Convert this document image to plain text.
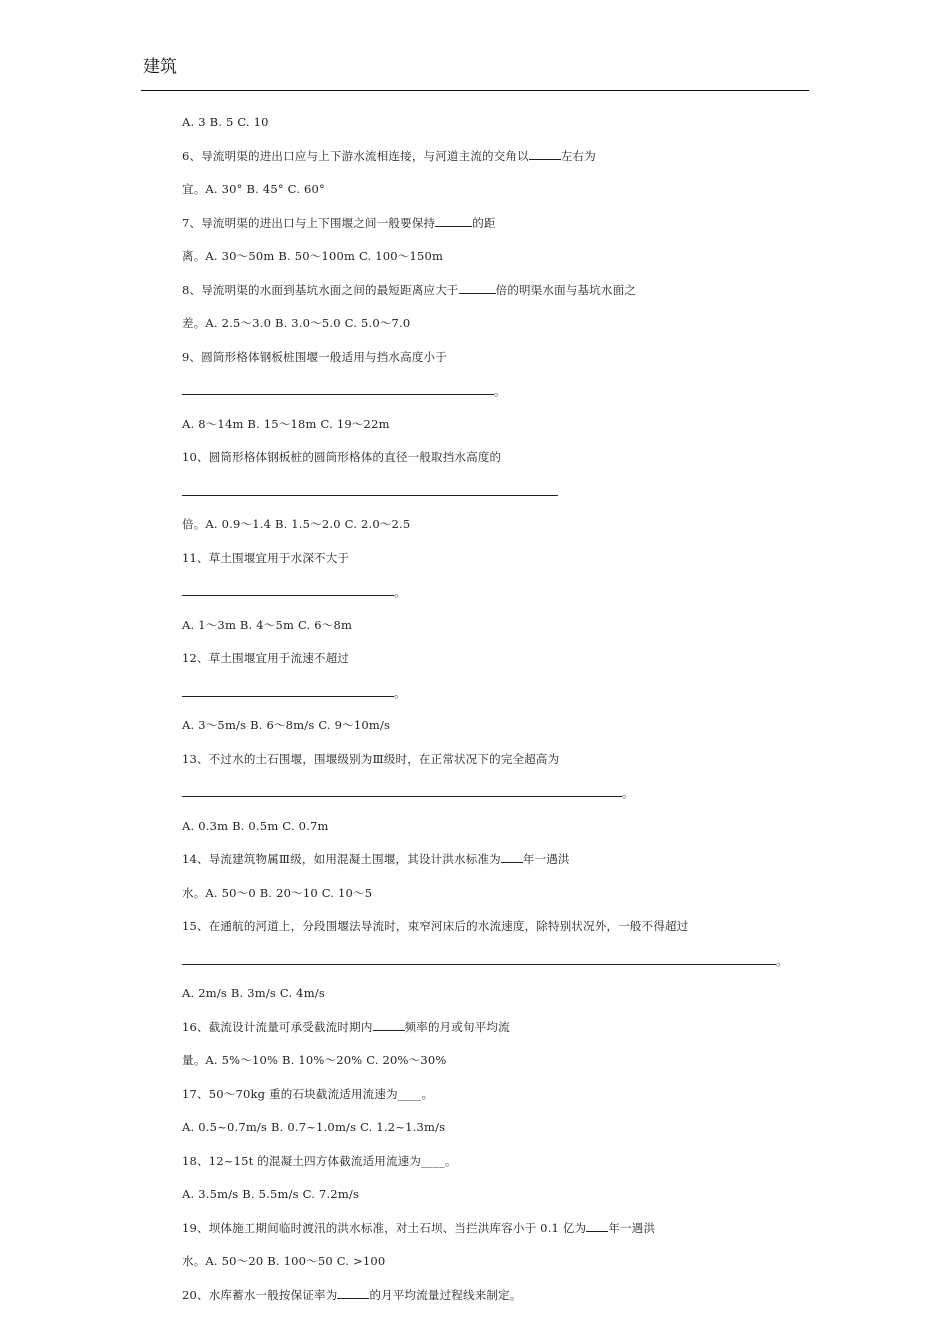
建筑
A. 3 B. 5 C. 10
6、导流明渠的进出口应与上下游水流相连接，与河道主流的交角以	左右为
宜。A. 30° B. 45° C. 60°
7、导流明渠的进出口与上下围堰之间一般要保持	的距
离。A. 30～50m B. 50～100m C. 100～150m
8、导流明渠的水面到基坑水面之间的最短距离应大于	倍的明渠水面与基坑水面之
差。A. 2.5～3.0 B. 3.0～5.0 C. 5.0～7.0
9、圆筒形格体钢板桩围堰一般适用与挡水高度小于
。
A. 8～14m B. 15～18m C. 19～22m
10、圆筒形格体钢板桩的圆筒形格体的直径一般取挡水高度的
倍。A. 0.9～1.4 B. 1.5～2.0 C. 2.0～2.5
11、草土围堰宜用于水深不大于
。
A. 1～3m B. 4～5m C. 6～8m
12、草土围堰宜用于流速不超过
。
A. 3～5m/s B. 6～8m/s C. 9～10m/s
13、不过水的土石围堰，围堰级别为Ⅲ级时，在正常状况下的完全超高为
。
A. 0.3m B. 0.5m C. 0.7m
14、导流建筑物属Ⅲ级，如用混凝土围堰，其设计洪水标准为 年一遇洪
水。A. 50～0 B. 20～10 C. 10～5
15、在通航的河道上，分段围堰法导流时，束窄河床后的水流速度，除特别状况外，一般不得超过
。
A. 2m/s B. 3m/s C. 4m/s
16、截流设计流量可承受截流时期内	频率的月或旬平均流
量。A. 5%～10% B. 10%～20% C. 20%～30%
17、50～70kg 重的石块截流适用流速为____。
A. 0.5~0.7m/s B. 0.7~1.0m/s C. 1.2~1.3m/s
18、12~15t 的混凝土四方体截流适用流速为____。
A. 3.5m/s B. 5.5m/s C. 7.2m/s
19、坝体施工期间临时渡汛的洪水标准，对土石坝、当拦洪库容小于 0.1 亿为 年一遇洪
水。A. 50～20 B. 100～50 C. >100
20、水库蓄水一般按保证率为	的月平均流量过程线来制定。
